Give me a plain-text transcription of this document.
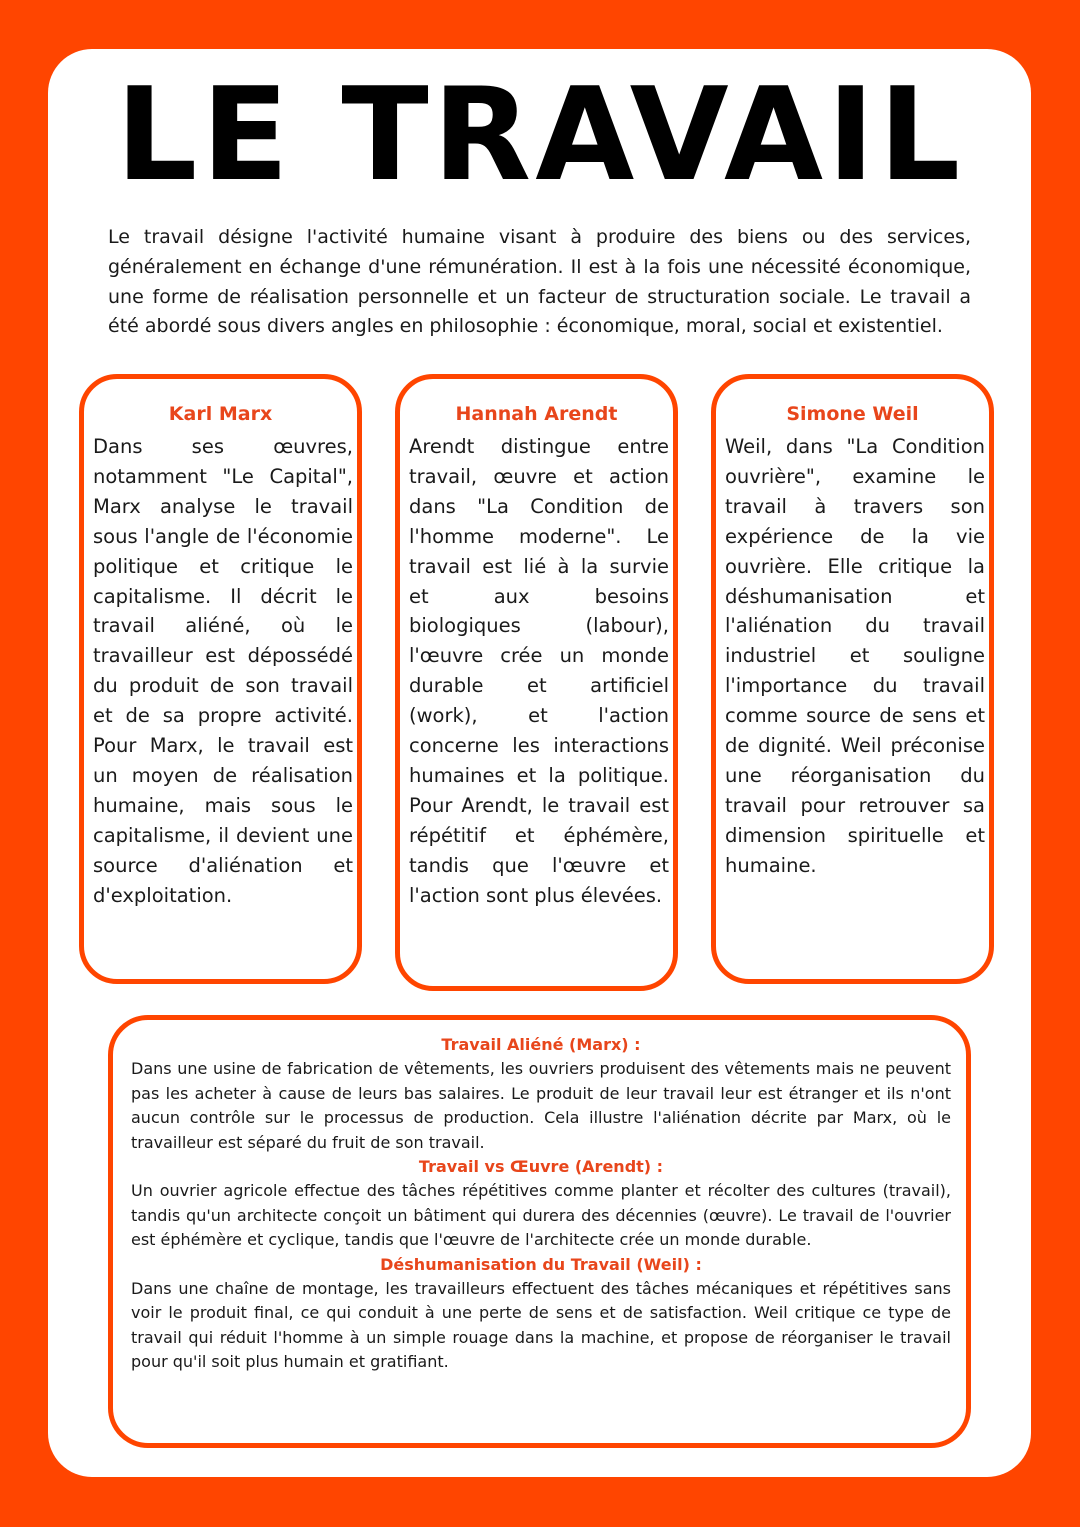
LE TRAVAIL

Le travail désigne l'activité humaine visant à produire des biens ou des services, généralement en échange d'une rémunération. Il est à la fois une nécessité économique, une forme de réalisation personnelle et un facteur de structuration sociale. Le travail a été abordé sous divers angles en philosophie : économique, moral, social et existentiel.

Karl Marx

Dans ses œuvres, notamment "Le Capital", Marx analyse le travail sous l'angle de l'économie politique et critique le capitalisme. Il décrit le travail aliéné, où le travailleur est dépossédé du produit de son travail et de sa propre activité. Pour Marx, le travail est un moyen de réalisation humaine, mais sous le capitalisme, il devient une source d'aliénation et d'exploitation.

Hannah Arendt

Arendt distingue entre travail, œuvre et action dans "La Condition de l'homme moderne". Le travail est lié à la survie et aux besoins biologiques (labour), l'œuvre crée un monde durable et artificiel (work), et l'action concerne les interactions humaines et la politique. Pour Arendt, le travail est répétitif et éphémère, tandis que l'œuvre et l'action sont plus élevées.

Simone Weil

Weil, dans "La Condition ouvrière", examine le travail à travers son expérience de la vie ouvrière. Elle critique la déshumanisation et l'aliénation du travail industriel et souligne l'importance du travail comme source de sens et de dignité. Weil préconise une réorganisation du travail pour retrouver sa dimension spirituelle et humaine.

Travail Aliéné (Marx) :

Dans une usine de fabrication de vêtements, les ouvriers produisent des vêtements mais ne peuvent pas les acheter à cause de leurs bas salaires. Le produit de leur travail leur est étranger et ils n'ont aucun contrôle sur le processus de production. Cela illustre l'aliénation décrite par Marx, où le travailleur est séparé du fruit de son travail.

Travail vs Œuvre (Arendt) :

Un ouvrier agricole effectue des tâches répétitives comme planter et récolter des cultures (travail), tandis qu'un architecte conçoit un bâtiment qui durera des décennies (œuvre). Le travail de l'ouvrier est éphémère et cyclique, tandis que l'œuvre de l'architecte crée un monde durable.

Déshumanisation du Travail (Weil) :

Dans une chaîne de montage, les travailleurs effectuent des tâches mécaniques et répétitives sans voir le produit final, ce qui conduit à une perte de sens et de satisfaction. Weil critique ce type de travail qui réduit l'homme à un simple rouage dans la machine, et propose de réorganiser le travail pour qu'il soit plus humain et gratifiant.
